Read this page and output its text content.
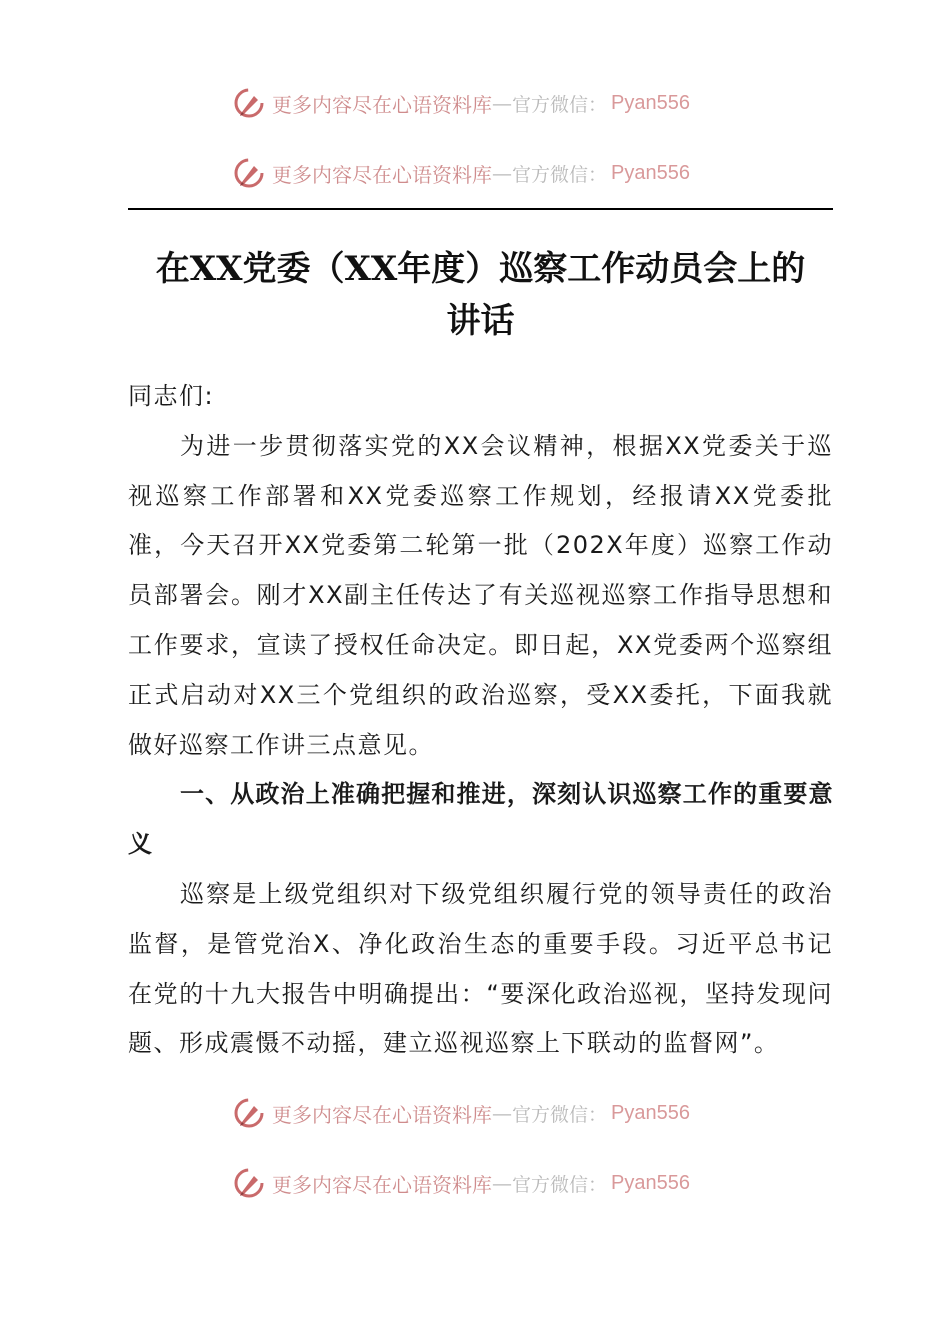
更多内容尽在心语资料库 — 官方微信： Pyan556
更多内容尽在心语资料库 — 官方微信： Pyan556
在XX党委（XX年度）巡察工作动员会上的
讲话

同志们:

为进一步贯彻落实党的XX会议精神，根据XX党委关于巡视巡察工作部署和XX党委巡察工作规划，经报请XX党委批准，今天召开XX党委第二轮第一批（202X年度）巡察工作动员部署会。刚才XX副主任传达了有关巡视巡察工作指导思想和工作要求，宣读了授权任命决定。即日起，XX党委两个巡察组正式启动对XX三个党组织的政治巡察，受XX委托，下面我就做好巡察工作讲三点意见。

一、从政治上准确把握和推进，深刻认识巡察工作的重要意义

巡察是上级党组织对下级党组织履行党的领导责任的政治监督，是管党治X、净化政治生态的重要手段。习近平总书记在党的十九大报告中明确提出：“要深化政治巡视，坚持发现问题、形成震慑不动摇，建立巡视巡察上下联动的监督网”。

更多内容尽在心语资料库 — 官方微信： Pyan556
更多内容尽在心语资料库 — 官方微信： Pyan556
